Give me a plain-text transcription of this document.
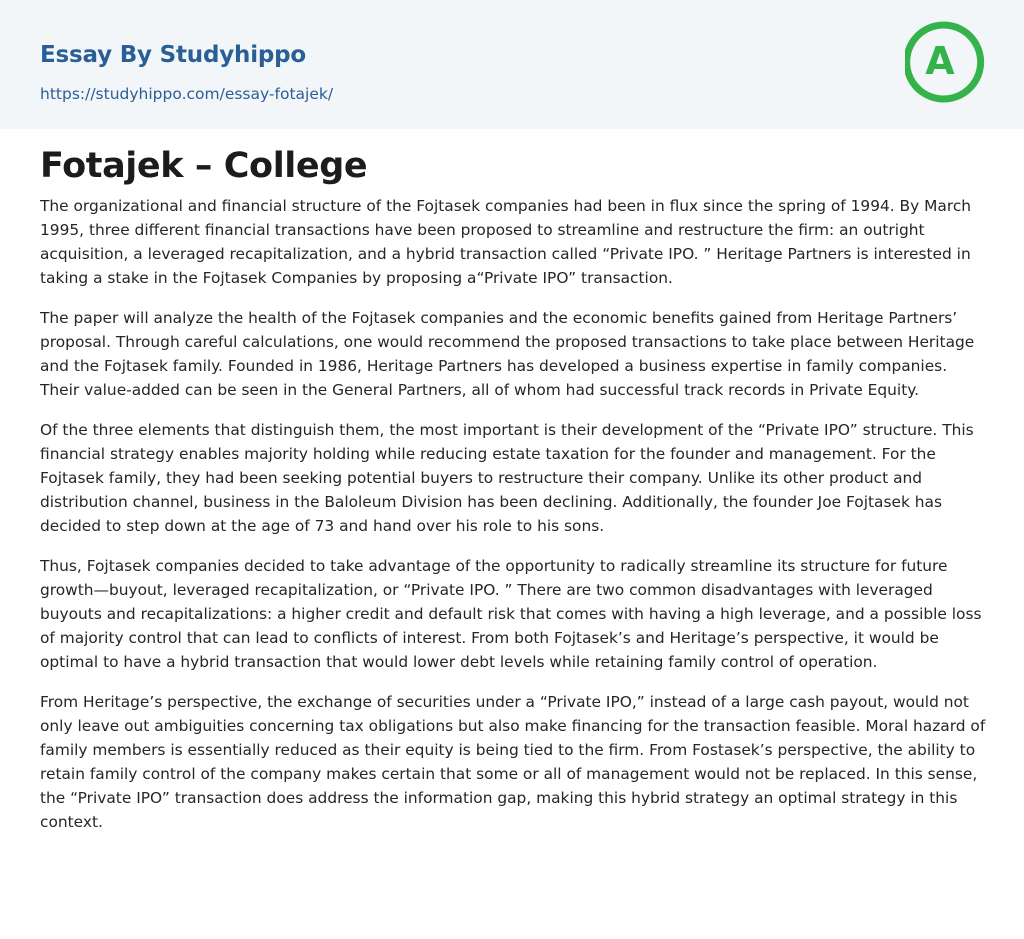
Essay By Studyhippo
https://studyhippo.com/essay-fotajek/
A
Fotajek – College

The organizational and financial structure of the Fojtasek companies had been in flux since the spring of 1994. By March 1995, three different financial transactions have been proposed to streamline and restructure the firm: an outright acquisition, a leveraged recapitalization, and a hybrid transaction called “Private IPO. ” Heritage Partners is interested in taking a stake in the Fojtasek Companies by proposing a“Private IPO” transaction.

The paper will analyze the health of the Fojtasek companies and the economic benefits gained from Heritage Partners’ proposal. Through careful calculations, one would recommend the proposed transactions to take place between Heritage and the Fojtasek family. Founded in 1986, Heritage Partners has developed a business expertise in family companies. Their value-added can be seen in the General Partners, all of whom had successful track records in Private Equity.

Of the three elements that distinguish them, the most important is their development of the “Private IPO” structure. This financial strategy enables majority holding while reducing estate taxation for the founder and management. For the Fojtasek family, they had been seeking potential buyers to restructure their company. Unlike its other product and distribution channel, business in the Baloleum Division has been declining. Additionally, the founder Joe Fojtasek has decided to step down at the age of 73 and hand over his role to his sons.

Thus, Fojtasek companies decided to take advantage of the opportunity to radically streamline its structure for future growth—buyout, leveraged recapitalization, or “Private IPO. ” There are two common disadvantages with leveraged buyouts and recapitalizations: a higher credit and default risk that comes with having a high leverage, and a possible loss of majority control that can lead to conflicts of interest. From both Fojtasek’s and Heritage’s perspective, it would be optimal to have a hybrid transaction that would lower debt levels while retaining family control of operation.

From Heritage’s perspective, the exchange of securities under a “Private IPO,” instead of a large cash payout, would not only leave out ambiguities concerning tax obligations but also make financing for the transaction feasible. Moral hazard of family members is essentially reduced as their equity is being tied to the firm. From Fostasek’s perspective, the ability to retain family control of the company makes certain that some or all of management would not be replaced. In this sense, the “Private IPO” transaction does address the information gap, making this hybrid strategy an optimal strategy in this context.
